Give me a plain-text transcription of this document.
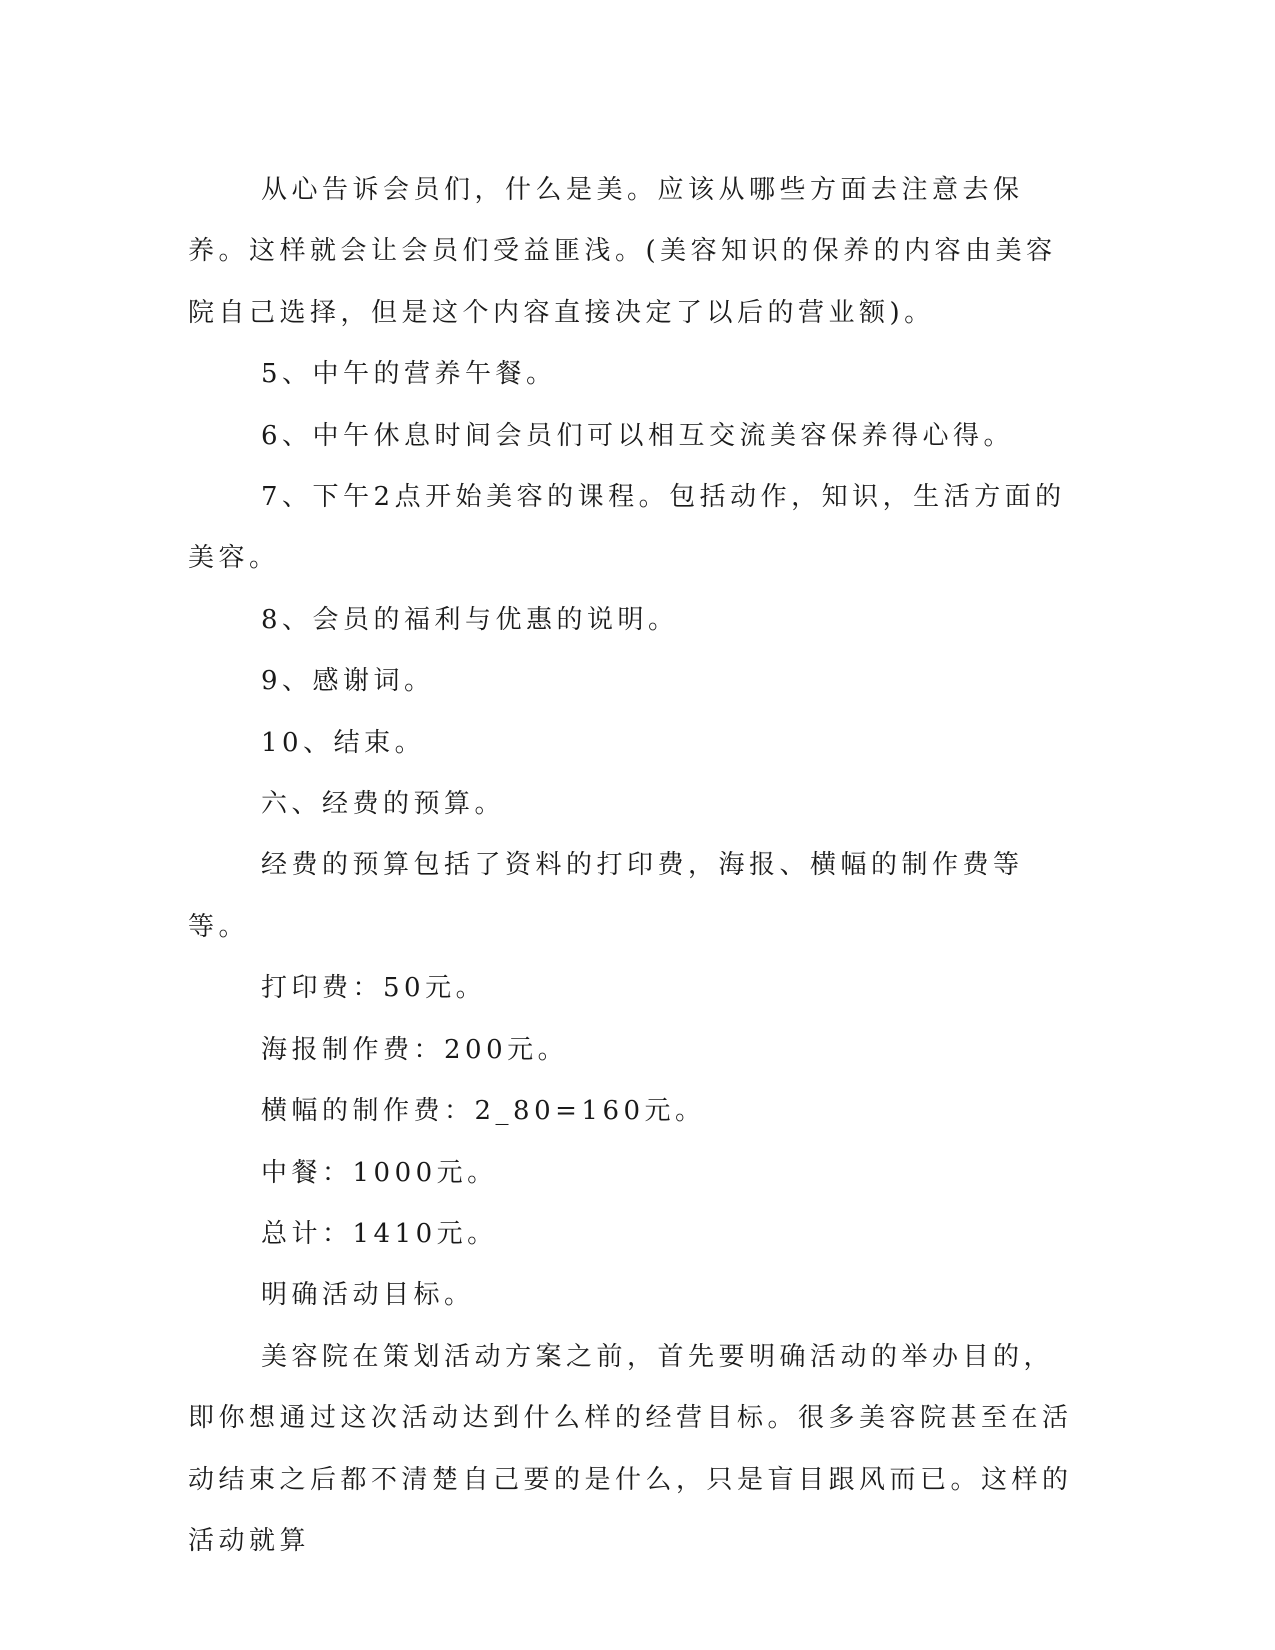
从心告诉会员们，什么是美。应该从哪些方面去注意去保养。这样就会让会员们受益匪浅。(美容知识的保养的内容由美容院自己选择，但是这个内容直接决定了以后的营业额)。

5、中午的营养午餐。

6、中午休息时间会员们可以相互交流美容保养得心得。

7、下午2点开始美容的课程。包括动作，知识，生活方面的美容。

8、会员的福利与优惠的说明。

9、感谢词。

10、结束。

六、经费的预算。

经费的预算包括了资料的打印费，海报、横幅的制作费等等。

打印费：50元。

海报制作费：200元。

横幅的制作费：2_80=160元。

中餐：1000元。

总计：1410元。

明确活动目标。

美容院在策划活动方案之前，首先要明确活动的举办目的，即你想通过这次活动达到什么样的经营目标。很多美容院甚至在活动结束之后都不清楚自己要的是什么，只是盲目跟风而已。这样的活动就算
